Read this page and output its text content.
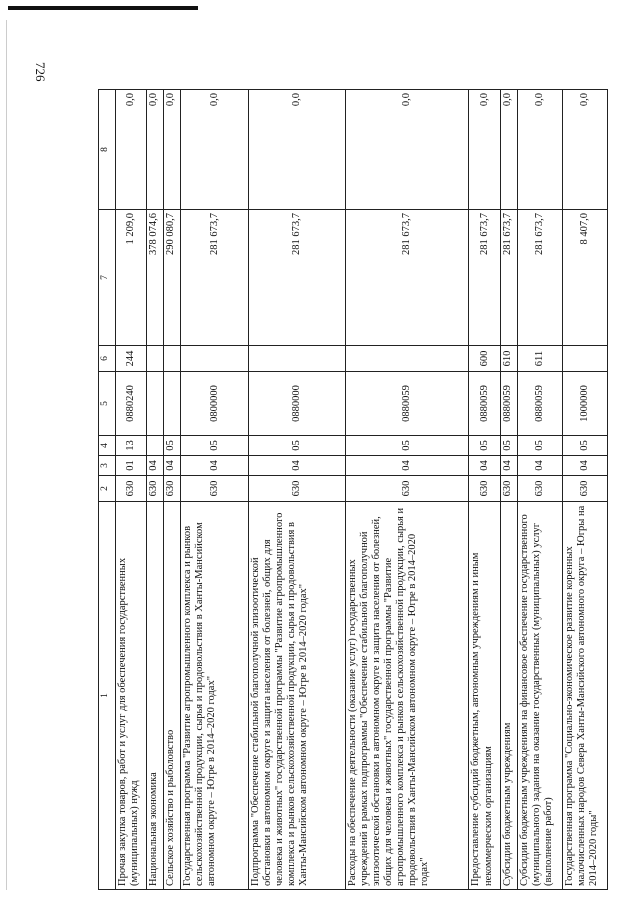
726
1	2	3	4	5	6	7	8
Прочая закупка товаров, работ и услуг для обеспечения государственных (муниципальных) нужд	630	01	13	0880240	244	1 209,0	0,0
Национальная экономика	630	04				378 074,6	0,0
Сельское хозяйство и рыболовство	630	04	05			290 080,7	0,0
Государственная программа "Развитие агропромышленного комплекса и рынков сельскохозяйственной продукции, сырья и продовольствия в Ханты-Мансийском автономном округе – Югре в 2014–2020 годах"	630	04	05	0800000		281 673,7	0,0
Подпрограмма "Обеспечение стабильной благополучной эпизоотической обстановки в автономном округе и защита населения от болезней, общих для человека и животных" государственной программы "Развитие агропромышленного комплекса и рынков сельскохозяйственной продукции, сырья и продовольствия в Ханты-Мансийском автономном округе – Югре в 2014–2020 годах"	630	04	05	0880000		281 673,7	0,0
Расходы на обеспечение деятельности (оказание услуг) государственных учреждений в рамках подпрограммы "Обеспечение стабильной благополучной эпизоотической обстановки в автономном округе и защита населения от болезней, общих для человека и животных" государственной программы "Развитие агропромышленного комплекса и рынков сельскохозяйственной продукции, сырья и продовольствия в Ханты-Мансийском автономном округе – Югре в 2014–2020 годах"	630	04	05	0880059		281 673,7	0,0
Предоставление субсидий бюджетным, автономным учреждениям и иным некоммерческим организациям	630	04	05	0880059	600	281 673,7	0,0
Субсидии бюджетным учреждениям	630	04	05	0880059	610	281 673,7	0,0
Субсидии бюджетным учреждениям на финансовое обеспечение государственного (муниципального) задания на оказание государственных (муниципальных) услуг (выполнение работ)	630	04	05	0880059	611	281 673,7	0,0
Государственная программа "Социально-экономическое развитие коренных малочисленных народов Севера Ханты-Мансийского автономного округа – Югры на 2014–2020 годы"	630	04	05	1000000		8 407,0	0,0
